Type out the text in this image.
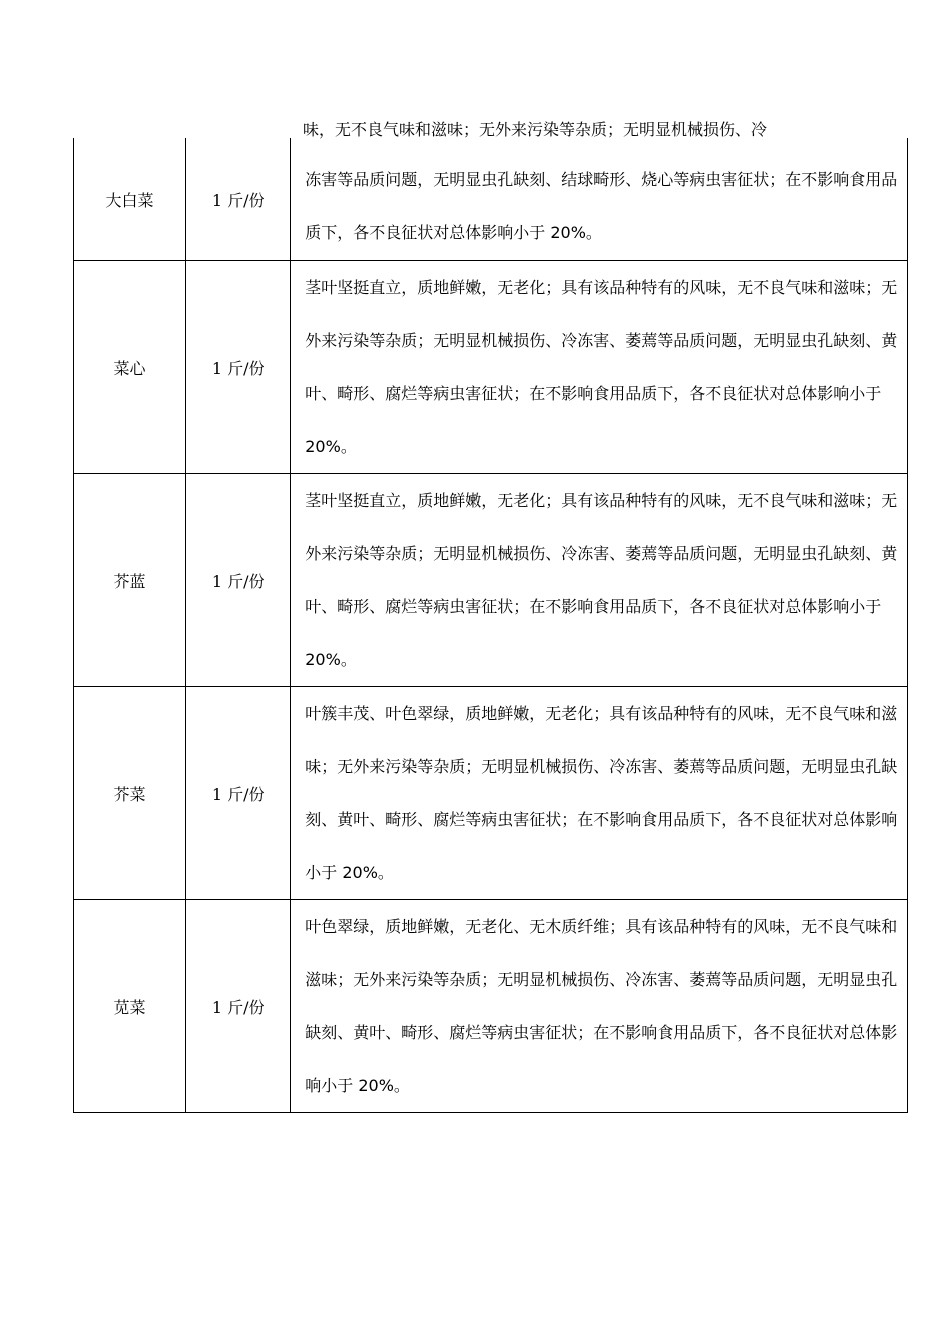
味，无不良气味和滋味；无外来污染等杂质；无明显机械损伤、冷
大白菜	1 斤/份	冻害等品质问题，无明显虫孔缺刻、结球畸形、烧心等病虫害征状；在不影响食用品质下，各不良征状对总体影响小于 20%。
菜心	1 斤/份	茎叶坚挺直立，质地鲜嫩，无老化；具有该品种特有的风味，无不良气味和滋味；无外来污染等杂质；无明显机械损伤、冷冻害、萎蔫等品质问题，无明显虫孔缺刻、黄叶、畸形、腐烂等病虫害征状；在不影响食用品质下，各不良征状对总体影响小于 20%。
芥蓝	1 斤/份	茎叶坚挺直立，质地鲜嫩，无老化；具有该品种特有的风味，无不良气味和滋味；无外来污染等杂质；无明显机械损伤、冷冻害、萎蔫等品质问题，无明显虫孔缺刻、黄叶、畸形、腐烂等病虫害征状；在不影响食用品质下，各不良征状对总体影响小于 20%。
芥菜	1 斤/份	叶簇丰茂、叶色翠绿，质地鲜嫩，无老化；具有该品种特有的风味，无不良气味和滋味；无外来污染等杂质；无明显机械损伤、冷冻害、萎蔫等品质问题，无明显虫孔缺刻、黄叶、畸形、腐烂等病虫害征状；在不影响食用品质下，各不良征状对总体影响小于 20%。
苋菜	1 斤/份	叶色翠绿，质地鲜嫩，无老化、无木质纤维；具有该品种特有的风味，无不良气味和滋味；无外来污染等杂质；无明显机械损伤、冷冻害、萎蔫等品质问题，无明显虫孔缺刻、黄叶、畸形、腐烂等病虫害征状；在不影响食用品质下，各不良征状对总体影响小于 20%。
